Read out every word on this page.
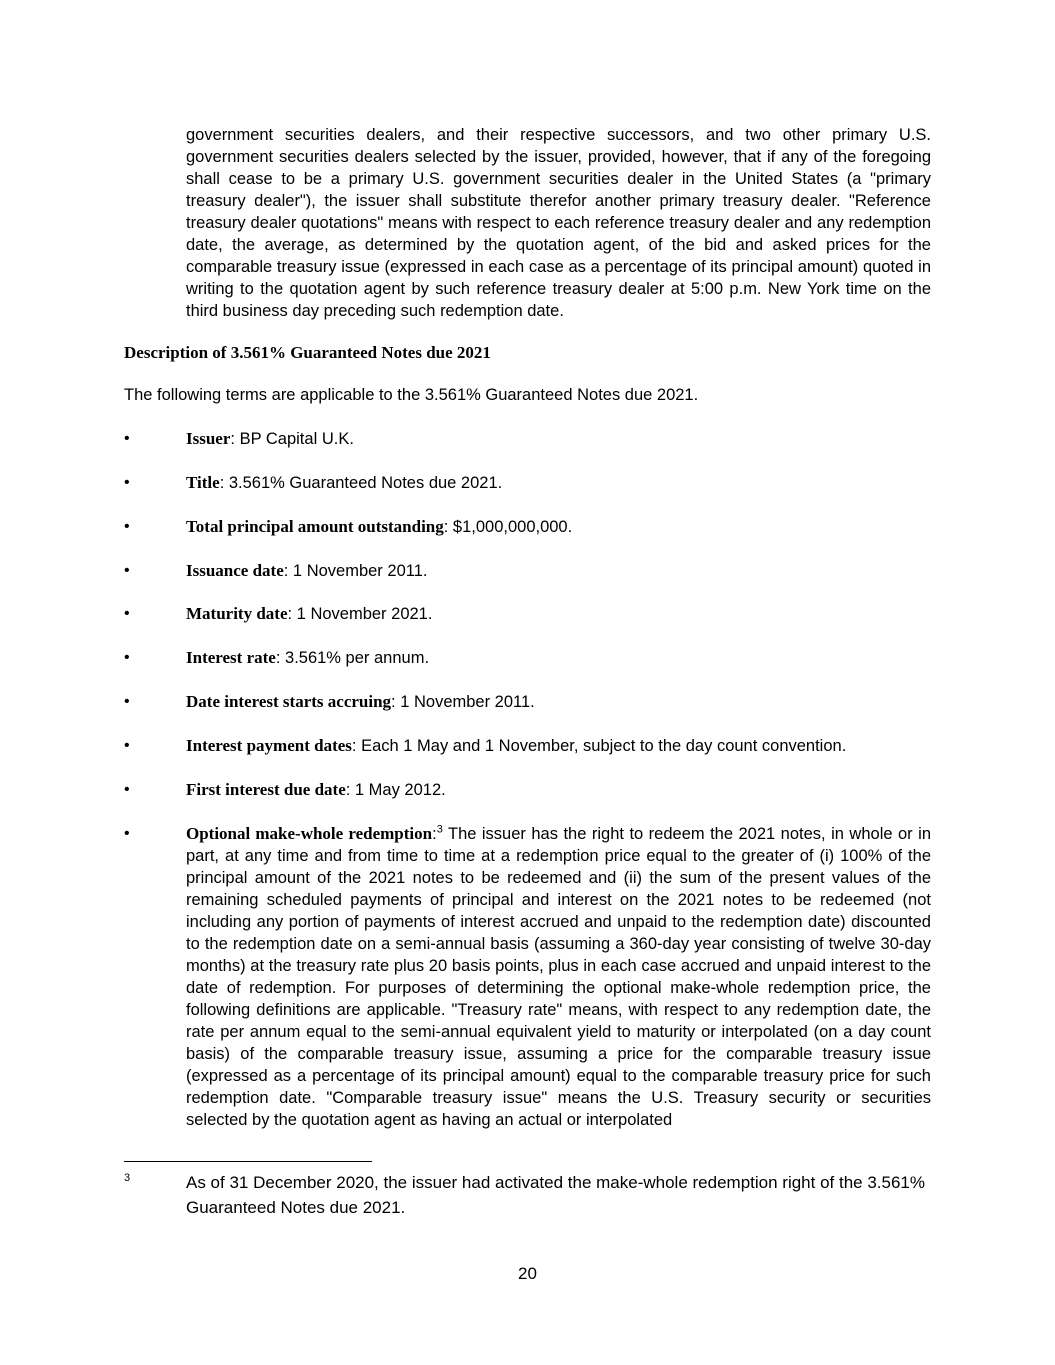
government securities dealers, and their respective successors, and two other primary U.S. government securities dealers selected by the issuer, provided, however, that if any of the foregoing shall cease to be a primary U.S. government securities dealer in the United States (a "primary treasury dealer"), the issuer shall substitute therefor another primary treasury dealer. "Reference treasury dealer quotations" means with respect to each reference treasury dealer and any redemption date, the average, as determined by the quotation agent, of the bid and asked prices for the comparable treasury issue (expressed in each case as a percentage of its principal amount) quoted in writing to the quotation agent by such reference treasury dealer at 5:00 p.m. New York time on the third business day preceding such redemption date.

Description of 3.561% Guaranteed Notes due 2021

The following terms are applicable to the 3.561% Guaranteed Notes due 2021.

•	Issuer: BP Capital U.K.
•	Title: 3.561% Guaranteed Notes due 2021.
•	Total principal amount outstanding: $1,000,000,000.
•	Issuance date: 1 November 2011.
•	Maturity date: 1 November 2021.
•	Interest rate: 3.561% per annum.
•	Date interest starts accruing: 1 November 2011.
•	Interest payment dates: Each 1 May and 1 November, subject to the day count convention.
•	First interest due date: 1 May 2012.
•	Optional make-whole redemption:$^3$ The issuer has the right to redeem the 2021 notes, in whole or in part, at any time and from time to time at a redemption price equal to the greater of (i) 100% of the principal amount of the 2021 notes to be redeemed and (ii) the sum of the present values of the remaining scheduled payments of principal and interest on the 2021 notes to be redeemed (not including any portion of payments of interest accrued and unpaid to the redemption date) discounted to the redemption date on a semi-annual basis (assuming a 360-day year consisting of twelve 30-day months) at the treasury rate plus 20 basis points, plus in each case accrued and unpaid interest to the date of redemption. For purposes of determining the optional make-whole redemption price, the following definitions are applicable. "Treasury rate" means, with respect to any redemption date, the rate per annum equal to the semi-annual equivalent yield to maturity or interpolated (on a day count basis) of the comparable treasury issue, assuming a price for the comparable treasury issue (expressed as a percentage of its principal amount) equal to the comparable treasury price for such redemption date. "Comparable treasury issue" means the U.S. Treasury security or securities selected by the quotation agent as having an actual or interpolated

3	As of 31 December 2020, the issuer had activated the make-whole redemption right of the 3.561% Guaranteed Notes due 2021.
20
